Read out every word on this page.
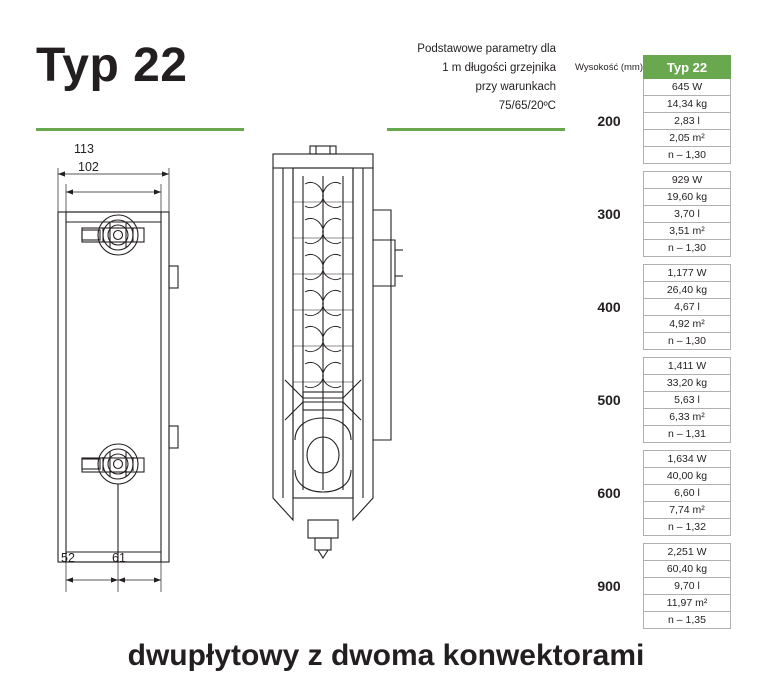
Typ 22	Podstawowe parametry dla
1 m długości grzejnika
przy warunkach
75/65/20ºC
113
102
52	61
Wysokość (mm)	Typ 22
200	645 W
	14,34 kg
	2,83 l
	2,05 m²
	n – 1,30

300	929 W
	19,60 kg
	3,70 l
	3,51 m²
	n – 1,30

400	1,177 W
	26,40 kg
	4,67 l
	4,92 m²
	n – 1,30

500	1,411 W
	33,20 kg
	5,63 l
	6,33 m²
	n – 1,31

600	1,634 W
	40,00 kg
	6,60 l
	7,74 m²
	n – 1,32

900	2,251 W
	60,40 kg
	9,70 l
	11,97 m²
	n – 1,35
dwupłytowy z dwoma konwektorami
